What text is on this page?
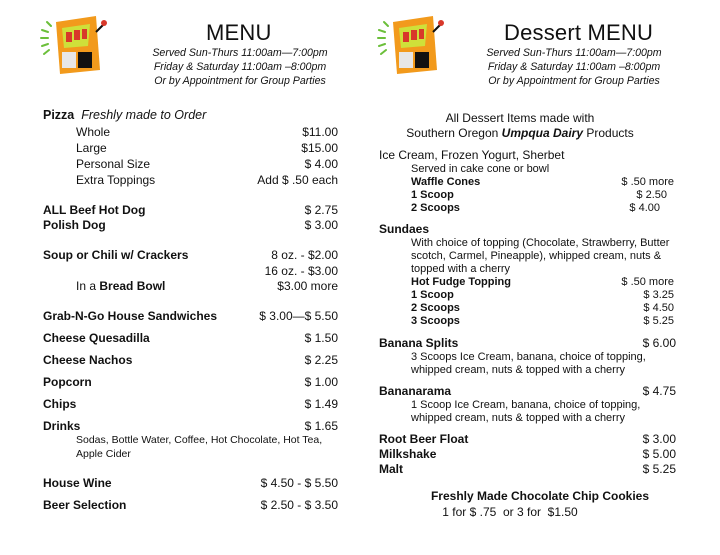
MENU
Served Sun-Thurs 11:00am—7:00pm
Friday & Saturday 11:00am –8:00pm
Or by Appointment for Group Parties
Pizza Freshly made to Order
Whole	$11.00
Large	$15.00
Personal Size	$ 4.00
Extra Toppings	Add $ .50 each
ALL Beef Hot Dog	$ 2.75
Polish Dog	$ 3.00
Soup or Chili w/ Crackers	8 oz. - $2.00
16 oz. - $3.00
In a Bread Bowl	$3.00 more
Grab-N-Go House Sandwiches	$ 3.00—$ 5.50
Cheese Quesadilla	$ 1.50
Cheese Nachos	$ 2.25
Popcorn	$ 1.00
Chips	$ 1.49
Drinks	$ 1.65
Sodas, Bottle Water, Coffee, Hot Chocolate, Hot Tea,
Apple Cider
House Wine	$ 4.50 - $ 5.50
Beer Selection	$ 2.50 - $ 3.50
Dessert MENU
Served Sun-Thurs 11:00am—7:00pm
Friday & Saturday 11:00am –8:00pm
Or by Appointment for Group Parties
All Dessert Items made with
Southern Oregon Umpqua Dairy Products
Ice Cream, Frozen Yogurt, Sherbet
Served in cake cone or bowl
Waffle Cones	$ .50 more
1 Scoop	$ 2.50
2 Scoops	$ 4.00
Sundaes
With choice of topping (Chocolate, Strawberry, Butter
scotch, Carmel, Pineapple), whipped cream, nuts &
topped with a cherry
Hot Fudge Topping	$ .50 more
1 Scoop	$ 3.25
2 Scoops	$ 4.50
3 Scoops	$ 5.25
Banana Splits	$ 6.00
3 Scoops Ice Cream, banana, choice of topping,
whipped cream, nuts & topped with a cherry
Bananarama	$ 4.75
1 Scoop Ice Cream, banana, choice of topping,
whipped cream, nuts & topped with a cherry
Root Beer Float	$ 3.00
Milkshake	$ 5.00
Malt	$ 5.25
Freshly Made Chocolate Chip Cookies
1 for $ .75  or 3 for  $1.50
